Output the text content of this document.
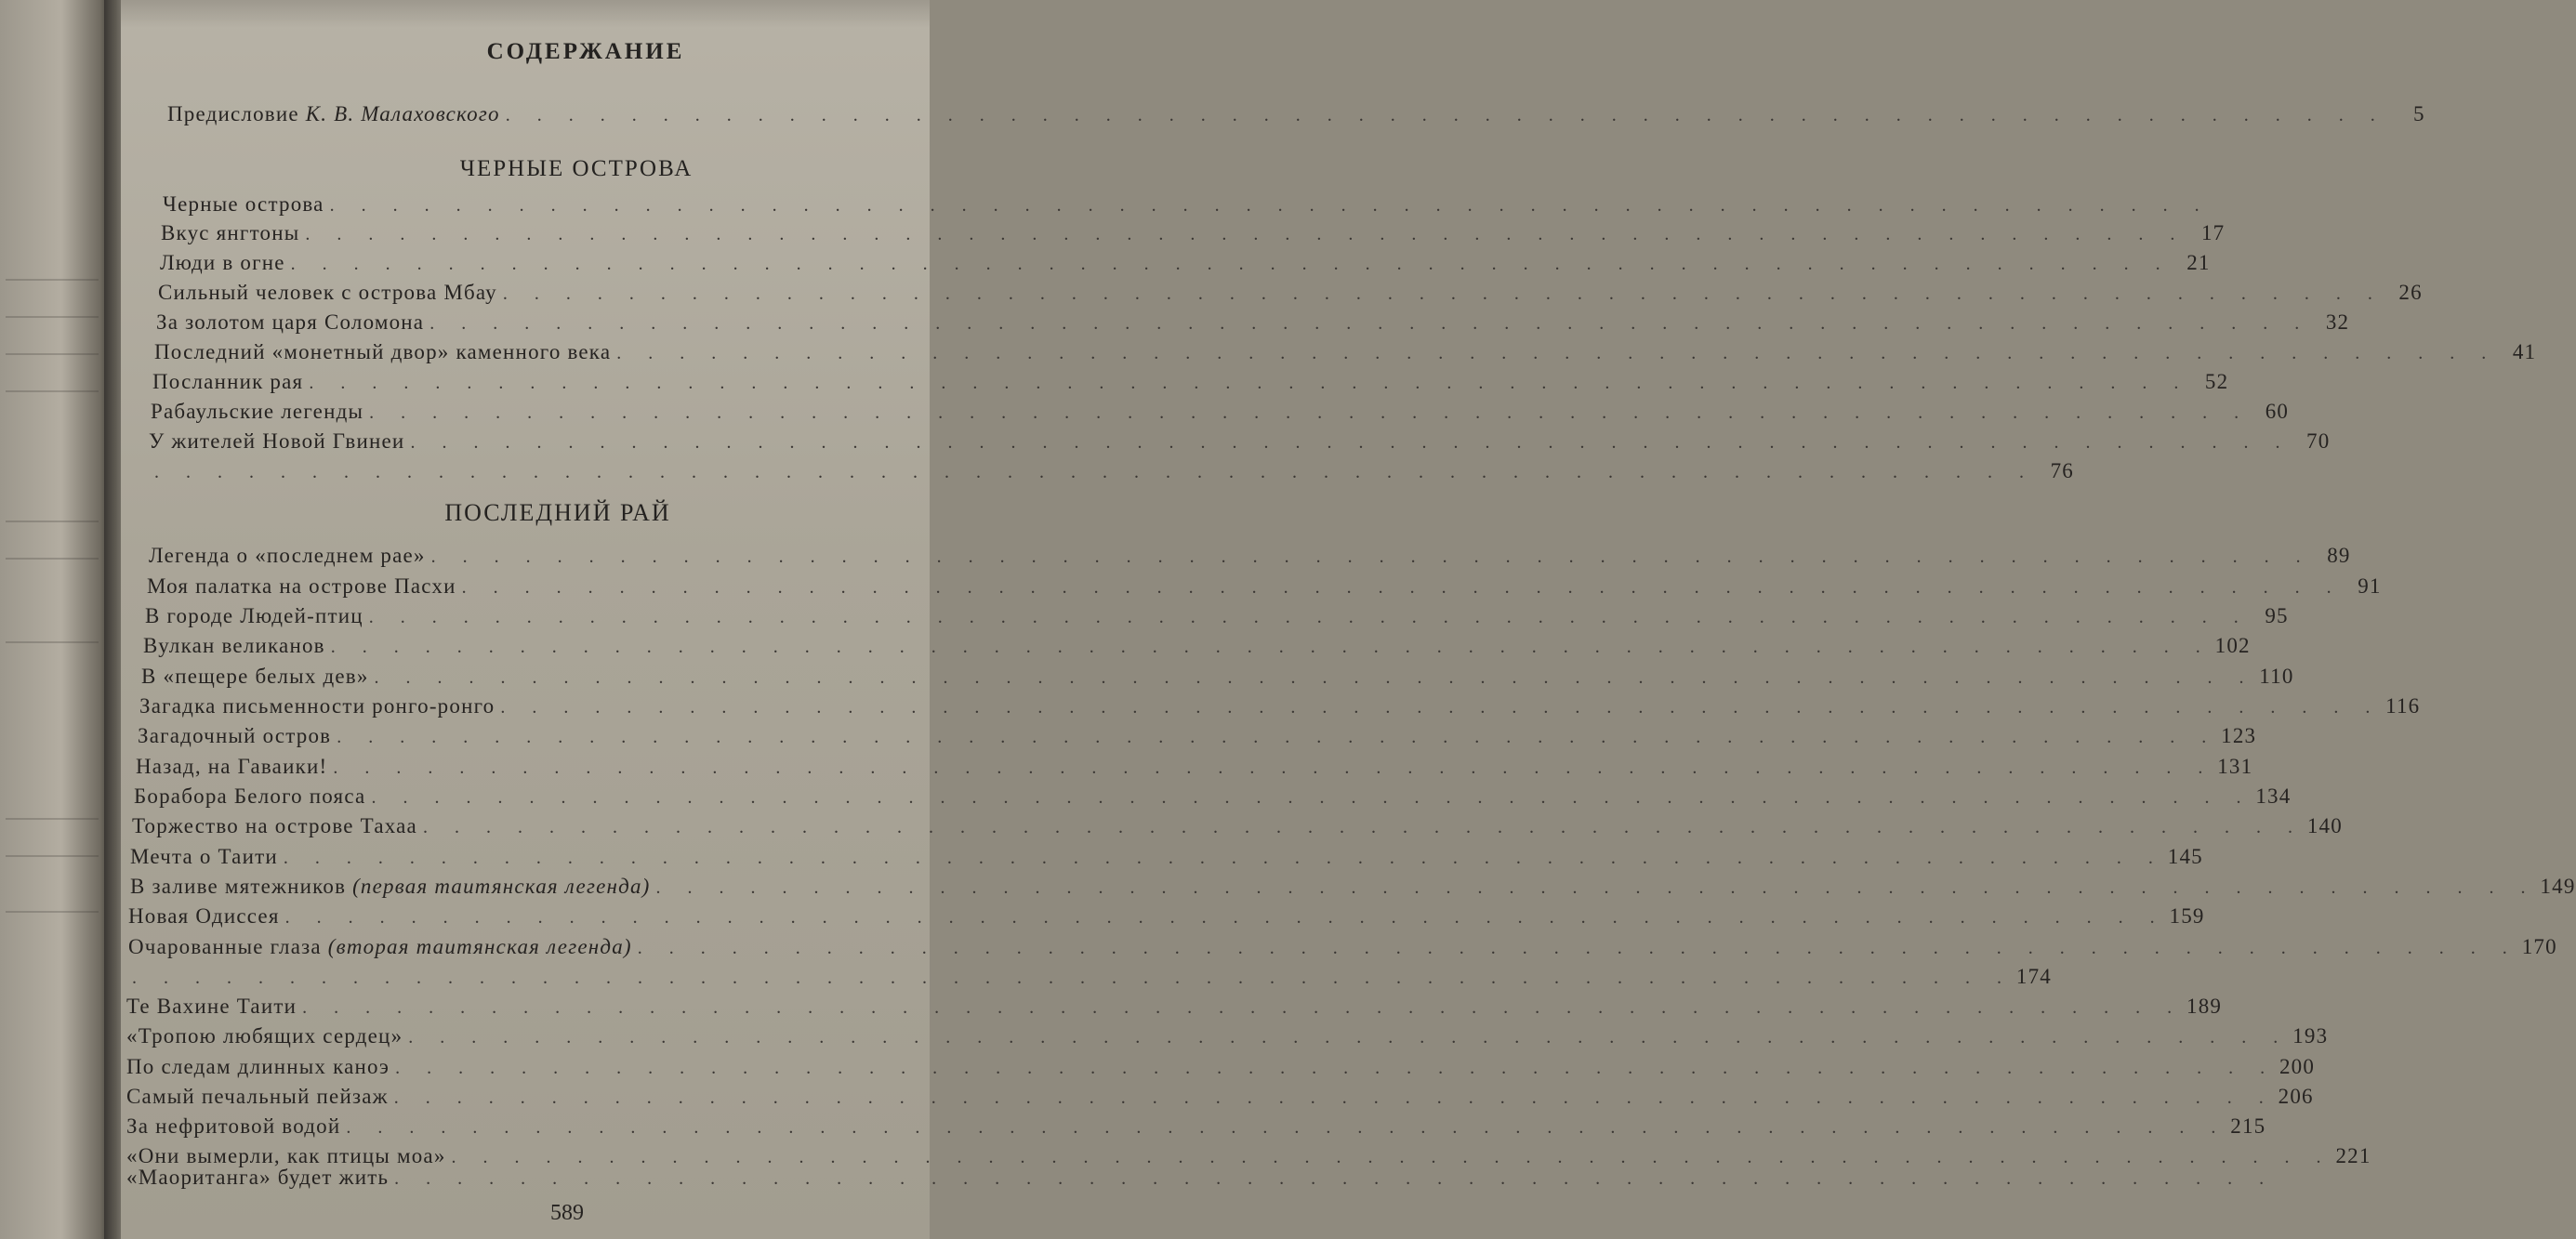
СОДЕРЖАНИЕ
Предисловие К. В. Малаховского . . . . . . . . . . . . . . . . . . . . . . . . . . . . . . . . . . . . . . . . . . . . . . . . . . . . . . . . . . . .	5
ЧЕРНЫЕ ОСТРОВА
ПОСЛЕДНИЙ РАЙ
589
Черные острова . . . . . . . . . . . . . . . . . . . . . . . . . . . . . . . . . . . . . . . . . . . . . . . . . . . . . . . . . . . .
Вкус янгтоны . . . . . . . . . . . . . . . . . . . . . . . . . . . . . . . . . . . . . . . . . . . . . . . . . . . . . . . . . . . . 17
Люди в огне . . . . . . . . . . . . . . . . . . . . . . . . . . . . . . . . . . . . . . . . . . . . . . . . . . . . . . . . . . . . 21
Сильный человек с острова Мбау . . . . . . . . . . . . . . . . . . . . . . . . . . . . . . . . . . . . . . . . . . . . . . . . . . . . . . . . . . . . 26
За золотом царя Соломона . . . . . . . . . . . . . . . . . . . . . . . . . . . . . . . . . . . . . . . . . . . . . . . . . . . . . . . . . . . . 32
Последний «монетный двор» каменного века . . . . . . . . . . . . . . . . . . . . . . . . . . . . . . . . . . . . . . . . . . . . . . . . . . . . . . . . . . . . 41
Посланник рая . . . . . . . . . . . . . . . . . . . . . . . . . . . . . . . . . . . . . . . . . . . . . . . . . . . . . . . . . . . . 52
Рабаульские легенды . . . . . . . . . . . . . . . . . . . . . . . . . . . . . . . . . . . . . . . . . . . . . . . . . . . . . . . . . . . . 60
У жителей Новой Гвинеи . . . . . . . . . . . . . . . . . . . . . . . . . . . . . . . . . . . . . . . . . . . . . . . . . . . . . . . . . . . . 70
. . . . . . . . . . . . . . . . . . . . . . . . . . . . . . . . . . . . . . . . . . . . . . . . . . . . . . . . . . . . 76
Легенда о «последнем рае» . . . . . . . . . . . . . . . . . . . . . . . . . . . . . . . . . . . . . . . . . . . . . . . . . . . . . . . . . . . . 89
Моя палатка на острове Пасхи . . . . . . . . . . . . . . . . . . . . . . . . . . . . . . . . . . . . . . . . . . . . . . . . . . . . . . . . . . . . 91
В городе Людей-птиц . . . . . . . . . . . . . . . . . . . . . . . . . . . . . . . . . . . . . . . . . . . . . . . . . . . . . . . . . . . . 95
Вулкан великанов . . . . . . . . . . . . . . . . . . . . . . . . . . . . . . . . . . . . . . . . . . . . . . . . . . . . . . . . . . . . 102
В «пещере белых дев» . . . . . . . . . . . . . . . . . . . . . . . . . . . . . . . . . . . . . . . . . . . . . . . . . . . . . . . . . . . . 110
Загадка письменности ронго-ронго . . . . . . . . . . . . . . . . . . . . . . . . . . . . . . . . . . . . . . . . . . . . . . . . . . . . . . . . . . . . 116
Загадочный остров . . . . . . . . . . . . . . . . . . . . . . . . . . . . . . . . . . . . . . . . . . . . . . . . . . . . . . . . . . . . 123
Назад, на Гаваики! . . . . . . . . . . . . . . . . . . . . . . . . . . . . . . . . . . . . . . . . . . . . . . . . . . . . . . . . . . . . 131
Борабора Белого пояса . . . . . . . . . . . . . . . . . . . . . . . . . . . . . . . . . . . . . . . . . . . . . . . . . . . . . . . . . . . . 134
Торжество на острове Тахаа . . . . . . . . . . . . . . . . . . . . . . . . . . . . . . . . . . . . . . . . . . . . . . . . . . . . . . . . . . . . 140
Мечта о Таити . . . . . . . . . . . . . . . . . . . . . . . . . . . . . . . . . . . . . . . . . . . . . . . . . . . . . . . . . . . . 145
В заливе мятежников (первая таитянская легенда) . . . . . . . . . . . . . . . . . . . . . . . . . . . . . . . . . . . . . . . . . . . . . . . . . . . . . . . . . . . . 149
Новая Одиссея . . . . . . . . . . . . . . . . . . . . . . . . . . . . . . . . . . . . . . . . . . . . . . . . . . . . . . . . . . . . 159
Очарованные глаза (вторая таитянская легенда) . . . . . . . . . . . . . . . . . . . . . . . . . . . . . . . . . . . . . . . . . . . . . . . . . . . . . . . . . . . . 170
. . . . . . . . . . . . . . . . . . . . . . . . . . . . . . . . . . . . . . . . . . . . . . . . . . . . . . . . . . . . 174
Те Вахине Таити . . . . . . . . . . . . . . . . . . . . . . . . . . . . . . . . . . . . . . . . . . . . . . . . . . . . . . . . . . . . 189
«Тропою любящих сердец» . . . . . . . . . . . . . . . . . . . . . . . . . . . . . . . . . . . . . . . . . . . . . . . . . . . . . . . . . . . . 193
По следам длинных каноэ . . . . . . . . . . . . . . . . . . . . . . . . . . . . . . . . . . . . . . . . . . . . . . . . . . . . . . . . . . . . 200
Самый печальный пейзаж . . . . . . . . . . . . . . . . . . . . . . . . . . . . . . . . . . . . . . . . . . . . . . . . . . . . . . . . . . . . 206
За нефритовой водой . . . . . . . . . . . . . . . . . . . . . . . . . . . . . . . . . . . . . . . . . . . . . . . . . . . . . . . . . . . . 215
«Они вымерли, как птицы моа» . . . . . . . . . . . . . . . . . . . . . . . . . . . . . . . . . . . . . . . . . . . . . . . . . . . . . . . . . . . . 221
«Маоританга» будет жить . . . . . . . . . . . . . . . . . . . . . . . . . . . . . . . . . . . . . . . . . . . . . . . . . . . . . . . . . . . .
